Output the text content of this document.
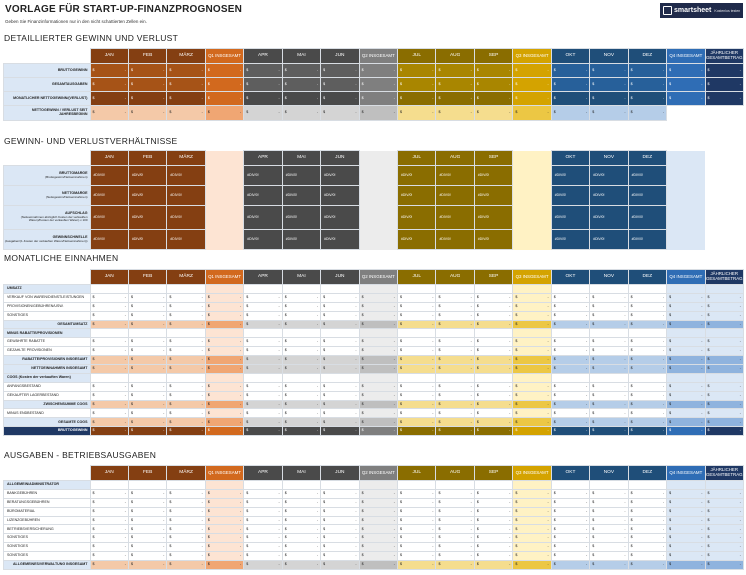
VORLAGE FÜR START-UP-FINANZPROGNOSEN
Geben Sie Finanzinformationen nur in den nicht schattierten Zellen ein.
smartsheet Kostenlos testen
DETAILLIERTER GEWINN UND VERLUST
	JAN	FEB	MÄRZ	Q1 INSGESAMT	APR	MAI	JUN	Q2 INSGESAMT	JUL	AUG	SEP	Q3 INSGESAMT	OKT	NOV	DEZ	Q4 INSGESAMT	JÄHRLICHER GESAMTBETRAG
BRUTTOGEWINN	$ -	$ -	$ -	$ -	$ -	$ -	$ -	$ -	$ -	$ -	$ -	$ -	$ -	$ -	$ -	$ -	$ -

GESAMTAUSGABEN	$ -	$ -	$ -	$ -	$ -	$ -	$ -	$ -	$ -	$ -	$ -	$ -	$ -	$ -	$ -	$ -	$ -

MONATLICHER NETTOGEWINN/(VERLUST)	$ -	$ -	$ -	$ -	$ -	$ -	$ -	$ -	$ -	$ -	$ -	$ -	$ -	$ -	$ -	$ -	$ -

NETTOGEWINN / VERLUST SEIT JAHRESBEGINN	$ -	$ -	$ -	$ -	$ -	$ -	$ -	$ -	$ -	$ -	$ -	$ -	$ -	$ -	$ -		

GEWINN- UND VERLUSTVERHÄLTNISSE
	JAN	FEB	MÄRZ		APR	MAI	JUN		JUL	AUG	SEP		OKT	NOV	DEZ		

BRUTTOMARGE
(Bruttogewinn/Nettoeinnahmen)	#DIV/0!	#DIV/0!	#DIV/0!		#DIV/0!	#DIV/0!	#DIV/0!		#DIV/0!	#DIV/0!	#DIV/0!		#DIV/0!	#DIV/0!	#DIV/0!		

NETTOMARGE
(Nettogewinn/Nettoeinnahmen)	#DIV/0!	#DIV/0!	#DIV/0!		#DIV/0!	#DIV/0!	#DIV/0!		#DIV/0!	#DIV/0!	#DIV/0!		#DIV/0!	#DIV/0!	#DIV/0!		

AUFSCHLAG
(Nettoeinnahmen abzüglich Kosten der verkauften Waren)/Kosten der verkauften Waren) x 100	#DIV/0!	#DIV/0!	#DIV/0!		#DIV/0!	#DIV/0!	#DIV/0!		#DIV/0!	#DIV/0!	#DIV/0!		#DIV/0!	#DIV/0!	#DIV/0!		

GEWINNSCHWELLE
(Ausgaben/(1-Kosten der verkauften Waren/Nettoeinnahmen))	#DIV/0!	#DIV/0!	#DIV/0!		#DIV/0!	#DIV/0!	#DIV/0!		#DIV/0!	#DIV/0!	#DIV/0!		#DIV/0!	#DIV/0!	#DIV/0!		

MONATLICHE EINNAHMEN
	JAN	FEB	MÄRZ	Q1 INSGESAMT	APR	MAI	JUN	Q2 INSGESAMT	JUL	AUG	SEP	Q3 INSGESAMT	OKT	NOV	DEZ	Q4 INSGESAMT	JÄHRLICHER GESAMTBETRAG
UMSATZ																	
VERKAUF VON WAREN/DIENSTLEISTUNGEN	$ -	$ -	$ -	$ -	$ -	$ -	$ -	$ -	$ -	$ -	$ -	$ -	$ -	$ -	$ -	$ -	$ -

PROVISIONEN/GEBÜHREN/USW.	$ -	$ -	$ -	$ -	$ -	$ -	$ -	$ -	$ -	$ -	$ -	$ -	$ -	$ -	$ -	$ -	$ -

SONSTIGES	$ -	$ -	$ -	$ -	$ -	$ -	$ -	$ -	$ -	$ -	$ -	$ -	$ -	$ -	$ -	$ -	$ -

GESAMTUMSATZ	$ -	$ -	$ -	$ -	$ -	$ -	$ -	$ -	$ -	$ -	$ -	$ -	$ -	$ -	$ -	$ -	$ -

MINUS RABATTE/PROVISIONEN																	
GEWÄHRTE RABATTE	$ -	$ -	$ -	$ -	$ -	$ -	$ -	$ -	$ -	$ -	$ -	$ -	$ -	$ -	$ -	$ -	$ -

GEZAHLTE PROVISIONEN	$ -	$ -	$ -	$ -	$ -	$ -	$ -	$ -	$ -	$ -	$ -	$ -	$ -	$ -	$ -	$ -	$ -

RABATTE/PROVISIONEN INSGESAMT	$ -	$ -	$ -	$ -	$ -	$ -	$ -	$ -	$ -	$ -	$ -	$ -	$ -	$ -	$ -	$ -	$ -

NETTOEINNAHMEN INSGESAMT	$ -	$ -	$ -	$ -	$ -	$ -	$ -	$ -	$ -	$ -	$ -	$ -	$ -	$ -	$ -	$ -	$ -

COGS (Kosten der verkauften Waren)																	
ANFANGSBESTAND	$ -	$ -	$ -	$ -	$ -	$ -	$ -	$ -	$ -	$ -	$ -	$ -	$ -	$ -	$ -	$ -	$ -

GEKAUFTER LAGERBESTAND	$ -	$ -	$ -	$ -	$ -	$ -	$ -	$ -	$ -	$ -	$ -	$ -	$ -	$ -	$ -	$ -	$ -

ZWISCHENSUMME COGS	$ -	$ -	$ -	$ -	$ -	$ -	$ -	$ -	$ -	$ -	$ -	$ -	$ -	$ -	$ -	$ -	$ -

MINUS ENDBESTAND	$ -	$ -	$ -	$ -	$ -	$ -	$ -	$ -	$ -	$ -	$ -	$ -	$ -	$ -	$ -	$ -	$ -

GESAMTE COGS	$ -	$ -	$ -	$ -	$ -	$ -	$ -	$ -	$ -	$ -	$ -	$ -	$ -	$ -	$ -	$ -	$ -

BRUTTOGEWINN	$ -	$ -	$ -	$ -	$ -	$ -	$ -	$ -	$ -	$ -	$ -	$ -	$ -	$ -	$ -	$ -	$ -
AUSGABEN - BETRIEBSAUSGABEN
	JAN	FEB	MÄRZ	Q1 INSGESAMT	APR	MAI	JUN	Q2 INSGESAMT	JUL	AUG	SEP	Q3 INSGESAMT	OKT	NOV	DEZ	Q4 INSGESAMT	JÄHRLICHER GESAMTBETRAG
ALLGEMEIN/ADMINISTRATOR																	
BANKGEBÜHREN	$ -	$ -	$ -	$ -	$ -	$ -	$ -	$ -	$ -	$ -	$ -	$ -	$ -	$ -	$ -	$ -	$ -

BERATUNGSGEBÜHREN	$ -	$ -	$ -	$ -	$ -	$ -	$ -	$ -	$ -	$ -	$ -	$ -	$ -	$ -	$ -	$ -	$ -

BÜROMATERIAL	$ -	$ -	$ -	$ -	$ -	$ -	$ -	$ -	$ -	$ -	$ -	$ -	$ -	$ -	$ -	$ -	$ -

LIZENZGEBÜHREN	$ -	$ -	$ -	$ -	$ -	$ -	$ -	$ -	$ -	$ -	$ -	$ -	$ -	$ -	$ -	$ -	$ -

BETRIEBSVERSICHERUNG	$ -	$ -	$ -	$ -	$ -	$ -	$ -	$ -	$ -	$ -	$ -	$ -	$ -	$ -	$ -	$ -	$ -

SONSTIGES	$ -	$ -	$ -	$ -	$ -	$ -	$ -	$ -	$ -	$ -	$ -	$ -	$ -	$ -	$ -	$ -	$ -

SONSTIGES	$ -	$ -	$ -	$ -	$ -	$ -	$ -	$ -	$ -	$ -	$ -	$ -	$ -	$ -	$ -	$ -	$ -

SONSTIGES	$ -	$ -	$ -	$ -	$ -	$ -	$ -	$ -	$ -	$ -	$ -	$ -	$ -	$ -	$ -	$ -	$ -

ALLGEMEINES/VERWALTUNG INSGESAMT	$ -	$ -	$ -	$ -	$ -	$ -	$ -	$ -	$ -	$ -	$ -	$ -	$ -	$ -	$ -	$ -	$ -
